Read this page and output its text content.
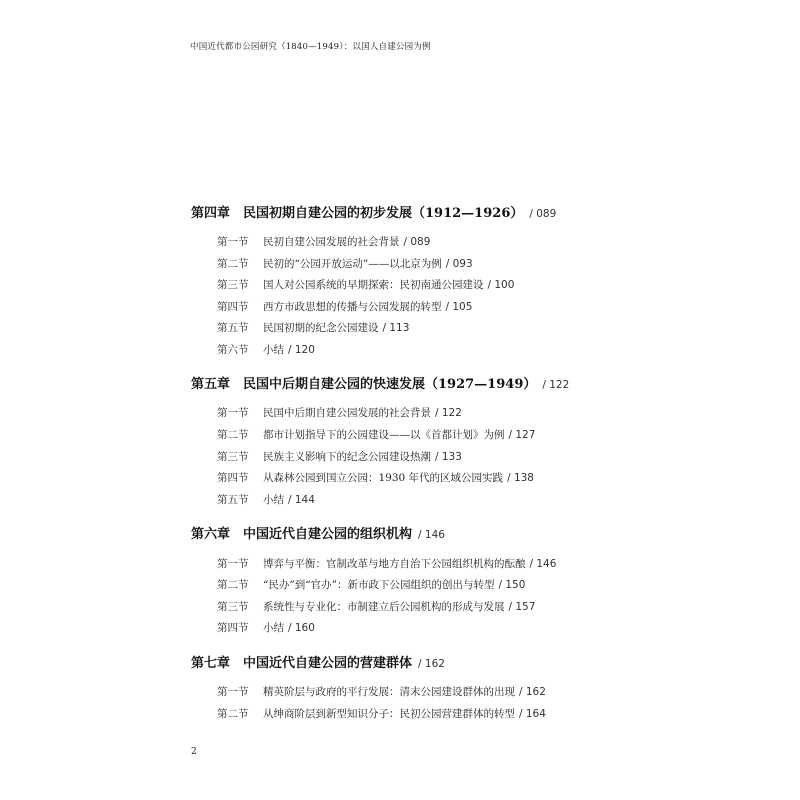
中国近代都市公园研究（1840—1949）：以国人自建公园为例
第四章 民国初期自建公园的初步发展（1912—1926） / 089
第一节 民初自建公园发展的社会背景 / 089
第二节 民初的“公园开放运动”——以北京为例 / 093
第三节 国人对公园系统的早期探索：民初南通公园建设 / 100
第四节 西方市政思想的传播与公园发展的转型 / 105
第五节 民国初期的纪念公园建设 / 113
第六节 小结 / 120
第五章 民国中后期自建公园的快速发展（1927—1949） / 122
第一节 民国中后期自建公园发展的社会背景 / 122
第二节 都市计划指导下的公园建设——以《首都计划》为例 / 127
第三节 民族主义影响下的纪念公园建设热潮 / 133
第四节 从森林公园到国立公园：1930 年代的区域公园实践 / 138
第五节 小结 / 144
第六章 中国近代自建公园的组织机构 / 146
第一节 博弈与平衡：官制改革与地方自治下公园组织机构的酝酿 / 146
第二节 “民办”到“官办”：新市政下公园组织的创出与转型 / 150
第三节 系统性与专业化：市制建立后公园机构的形成与发展 / 157
第四节 小结 / 160
第七章 中国近代自建公园的营建群体 / 162
第一节 精英阶层与政府的平行发展：清末公园建设群体的出现 / 162
第二节 从绅商阶层到新型知识分子：民初公园营建群体的转型 / 164
2
